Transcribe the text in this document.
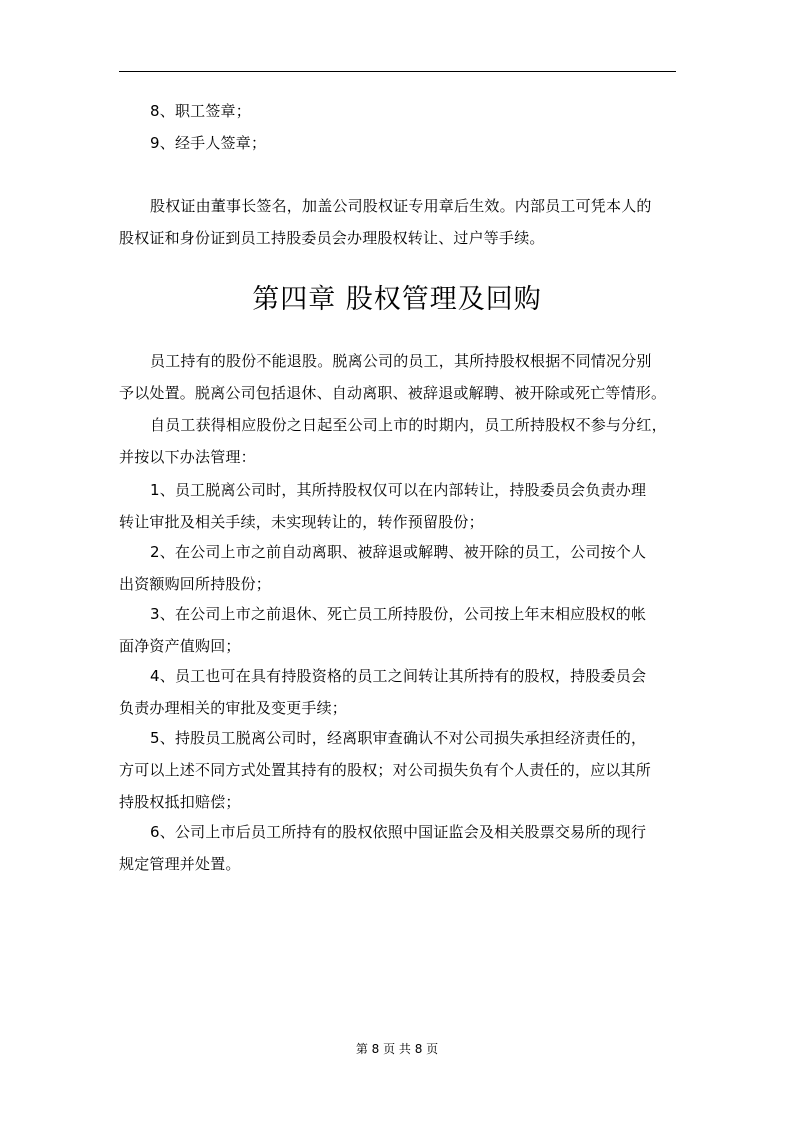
8、职工签章；
9、经手人签章；
股权证由董事长签名，加盖公司股权证专用章后生效。内部员工可凭本人的
股权证和身份证到员工持股委员会办理股权转让、过户等手续。
第四章 股权管理及回购
员工持有的股份不能退股。脱离公司的员工，其所持股权根据不同情况分别
予以处置。脱离公司包括退休、自动离职、被辞退或解聘、被开除或死亡等情形。
自员工获得相应股份之日起至公司上市的时期内，员工所持股权不参与分红，
并按以下办法管理：
1、员工脱离公司时，其所持股权仅可以在内部转让，持股委员会负责办理
转让审批及相关手续，未实现转让的，转作预留股份；
2、在公司上市之前自动离职、被辞退或解聘、被开除的员工，公司按个人
出资额购回所持股份；
3、在公司上市之前退休、死亡员工所持股份，公司按上年末相应股权的帐
面净资产值购回；
4、员工也可在具有持股资格的员工之间转让其所持有的股权，持股委员会
负责办理相关的审批及变更手续；
5、持股员工脱离公司时，经离职审查确认不对公司损失承担经济责任的，
方可以上述不同方式处置其持有的股权；对公司损失负有个人责任的，应以其所
持股权抵扣赔偿；
6、公司上市后员工所持有的股权依照中国证监会及相关股票交易所的现行
规定管理并处置。
第 8 页 共 8 页
